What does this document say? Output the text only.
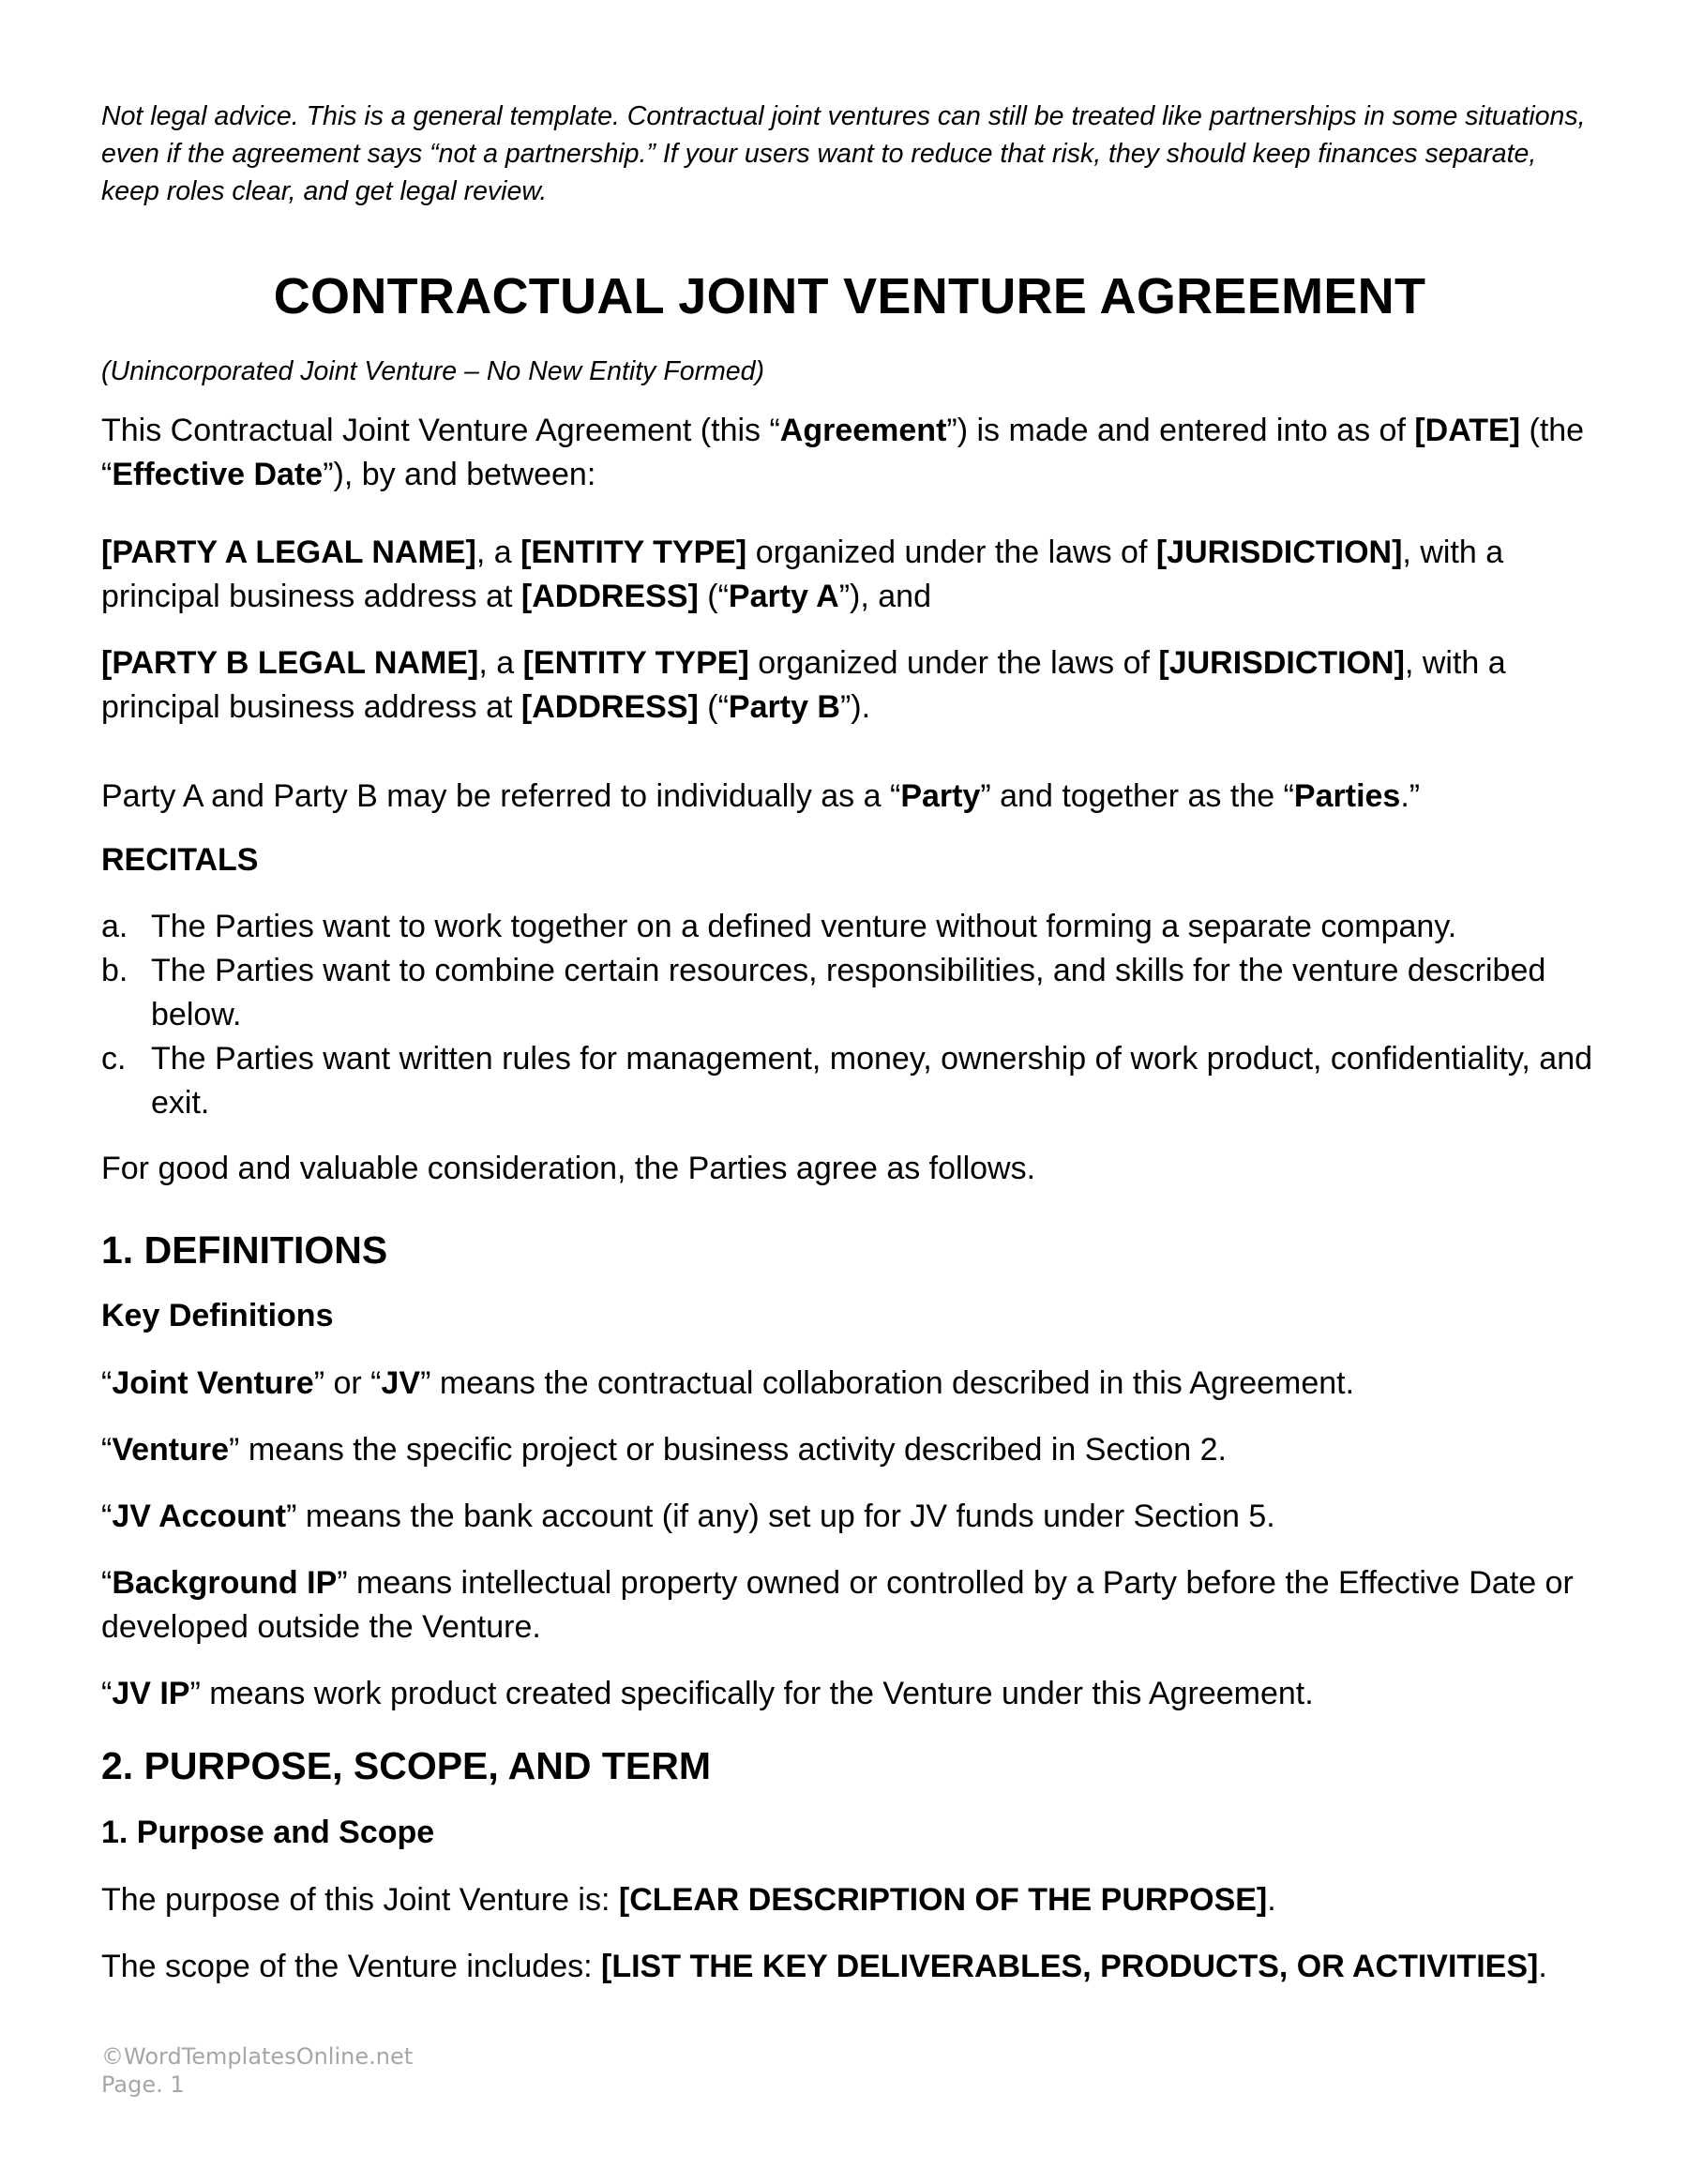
Not legal advice. This is a general template. Contractual joint ventures can still be treated like partnerships in some situations, even if the agreement says “not a partnership.” If your users want to reduce that risk, they should keep finances separate, keep roles clear, and get legal review.

CONTRACTUAL JOINT VENTURE AGREEMENT

(Unincorporated Joint Venture – No New Entity Formed)

This Contractual Joint Venture Agreement (this “Agreement”) is made and entered into as of [DATE] (the “Effective Date”), by and between:

[PARTY A LEGAL NAME], a [ENTITY TYPE] organized under the laws of [JURISDICTION], with a principal business address at [ADDRESS] (“Party A”), and

[PARTY B LEGAL NAME], a [ENTITY TYPE] organized under the laws of [JURISDICTION], with a principal business address at [ADDRESS] (“Party B”).

Party A and Party B may be referred to individually as a “Party” and together as the “Parties.”

RECITALS
a. The Parties want to work together on a defined venture without forming a separate company.
b. The Parties want to combine certain resources, responsibilities, and skills for the venture described below.
c. The Parties want written rules for management, money, ownership of work product, confidentiality, and exit.

For good and valuable consideration, the Parties agree as follows.

1. DEFINITIONS
Key Definitions

“Joint Venture” or “JV” means the contractual collaboration described in this Agreement.

“Venture” means the specific project or business activity described in Section 2.

“JV Account” means the bank account (if any) set up for JV funds under Section 5.

“Background IP” means intellectual property owned or controlled by a Party before the Effective Date or developed outside the Venture.

“JV IP” means work product created specifically for the Venture under this Agreement.

2. PURPOSE, SCOPE, AND TERM
1. Purpose and Scope

The purpose of this Joint Venture is: [CLEAR DESCRIPTION OF THE PURPOSE].

The scope of the Venture includes: [LIST THE KEY DELIVERABLES, PRODUCTS, OR ACTIVITIES].

©WordTemplatesOnline.net
Page. 1
